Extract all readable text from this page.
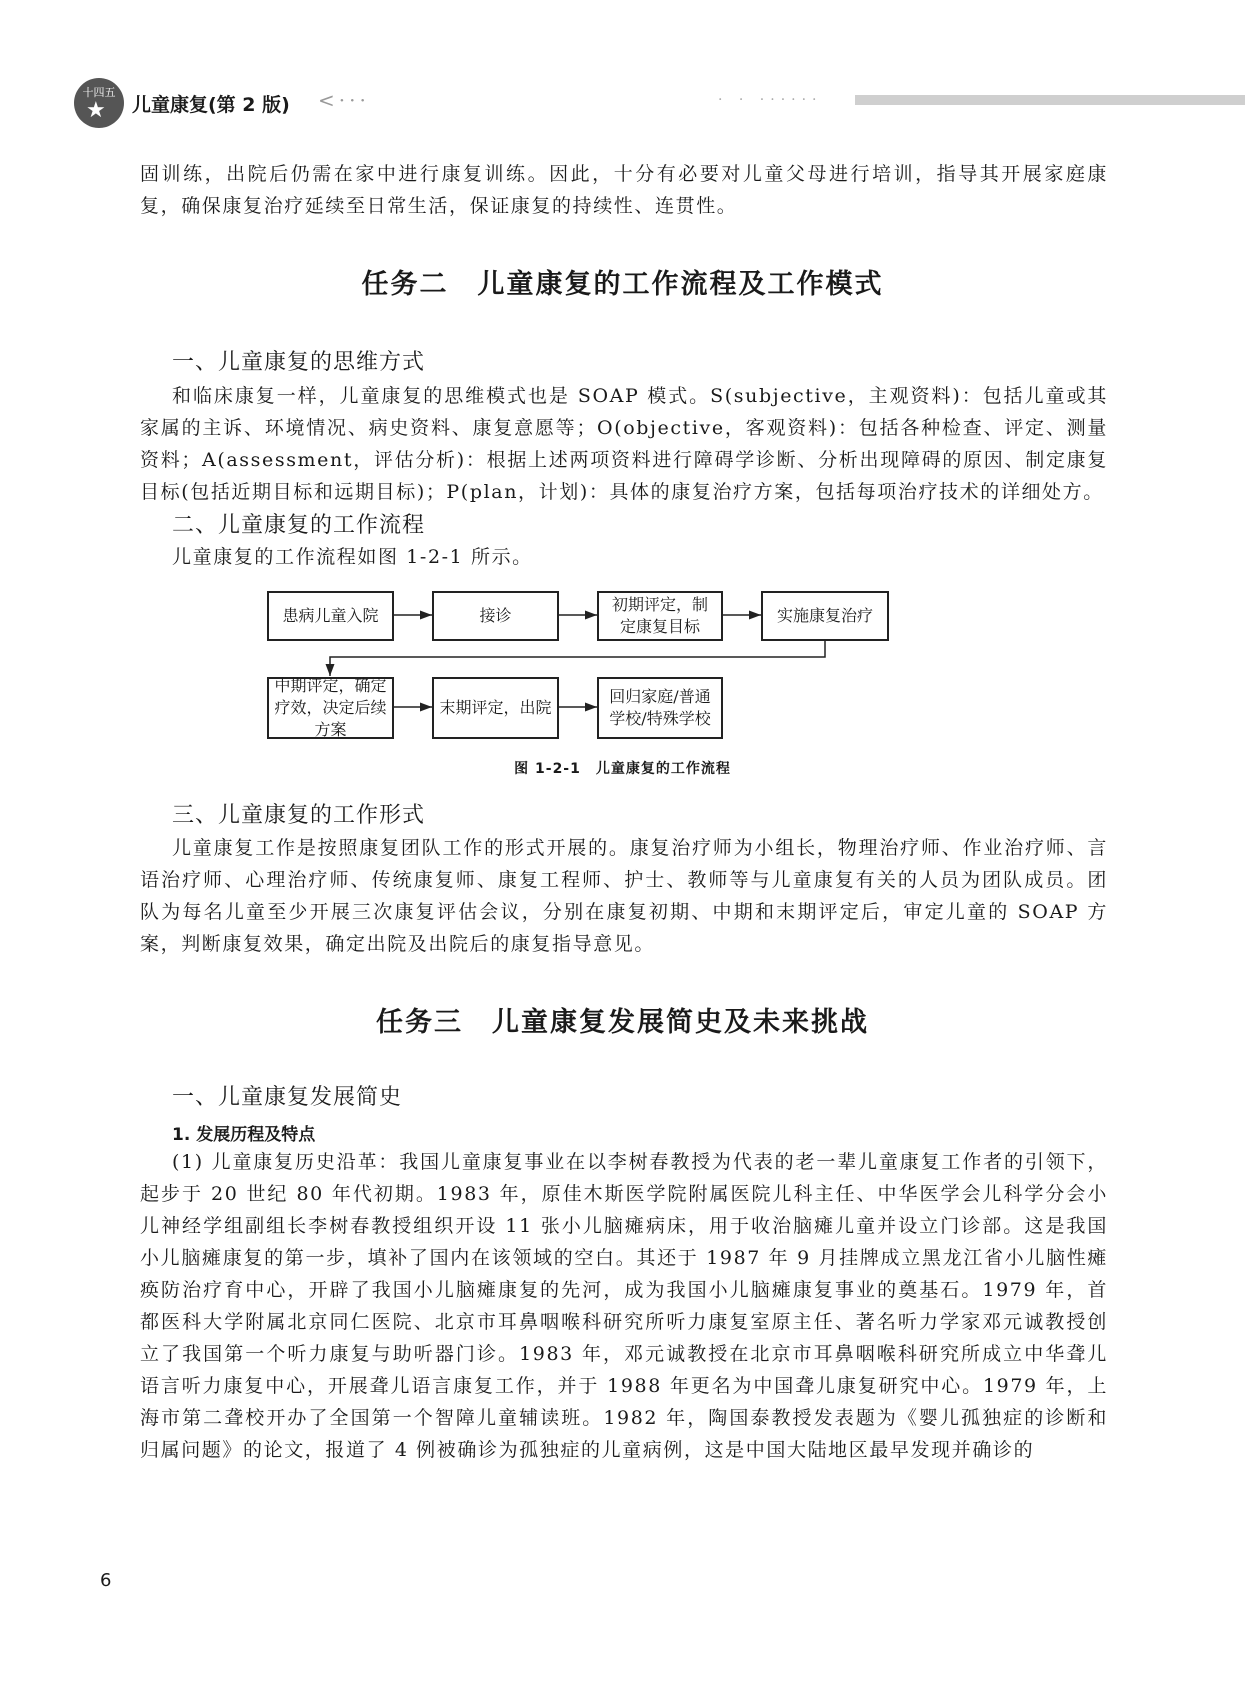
十四五
★ 儿童康复(第 2 版) <···	· · ······
固训练，出院后仍需在家中进行康复训练。因此，十分有必要对儿童父母进行培训，指导其开展家庭康复，确保康复治疗延续至日常生活，保证康复的持续性、连贯性。
任务二　儿童康复的工作流程及工作模式
一、儿童康复的思维方式
和临床康复一样，儿童康复的思维模式也是 SOAP 模式。S(subjective，主观资料)：包括儿童或其家属的主诉、环境情况、病史资料、康复意愿等；O(objective，客观资料)：包括各种检查、评定、测量资料；A(assessment，评估分析)：根据上述两项资料进行障碍学诊断、分析出现障碍的原因、制定康复目标(包括近期目标和远期目标)；P(plan，计划)：具体的康复治疗方案，包括每项治疗技术的详细处方。
二、儿童康复的工作流程
儿童康复的工作流程如图 1-2-1 所示。
患病儿童入院	接诊
初期评定，制定康复目标
实施康复治疗
中期评定，确定疗效，决定后续方案
末期评定，出院
回归家庭/普通学校/特殊学校
图 1-2-1　儿童康复的工作流程
三、儿童康复的工作形式
儿童康复工作是按照康复团队工作的形式开展的。康复治疗师为小组长，物理治疗师、作业治疗师、言语治疗师、心理治疗师、传统康复师、康复工程师、护士、教师等与儿童康复有关的人员为团队成员。团队为每名儿童至少开展三次康复评估会议，分别在康复初期、中期和末期评定后，审定儿童的 SOAP 方案，判断康复效果，确定出院及出院后的康复指导意见。
任务三　儿童康复发展简史及未来挑战
一、儿童康复发展简史
1. 发展历程及特点
(1) 儿童康复历史沿革：我国儿童康复事业在以李树春教授为代表的老一辈儿童康复工作者的引领下，起步于 20 世纪 80 年代初期。1983 年，原佳木斯医学院附属医院儿科主任、中华医学会儿科学分会小儿神经学组副组长李树春教授组织开设 11 张小儿脑瘫病床，用于收治脑瘫儿童并设立门诊部。这是我国小儿脑瘫康复的第一步，填补了国内在该领域的空白。其还于 1987 年 9 月挂牌成立黑龙江省小儿脑性瘫痪防治疗育中心，开辟了我国小儿脑瘫康复的先河，成为我国小儿脑瘫康复事业的奠基石。1979 年，首都医科大学附属北京同仁医院、北京市耳鼻咽喉科研究所听力康复室原主任、著名听力学家邓元诚教授创立了我国第一个听力康复与助听器门诊。1983 年，邓元诚教授在北京市耳鼻咽喉科研究所成立中华聋儿语言听力康复中心，开展聋儿语言康复工作，并于 1988 年更名为中国聋儿康复研究中心。1979 年，上海市第二聋校开办了全国第一个智障儿童辅读班。1982 年，陶国泰教授发表题为《婴儿孤独症的诊断和归属问题》的论文，报道了 4 例被确诊为孤独症的儿童病例，这是中国大陆地区最早发现并确诊的
6
